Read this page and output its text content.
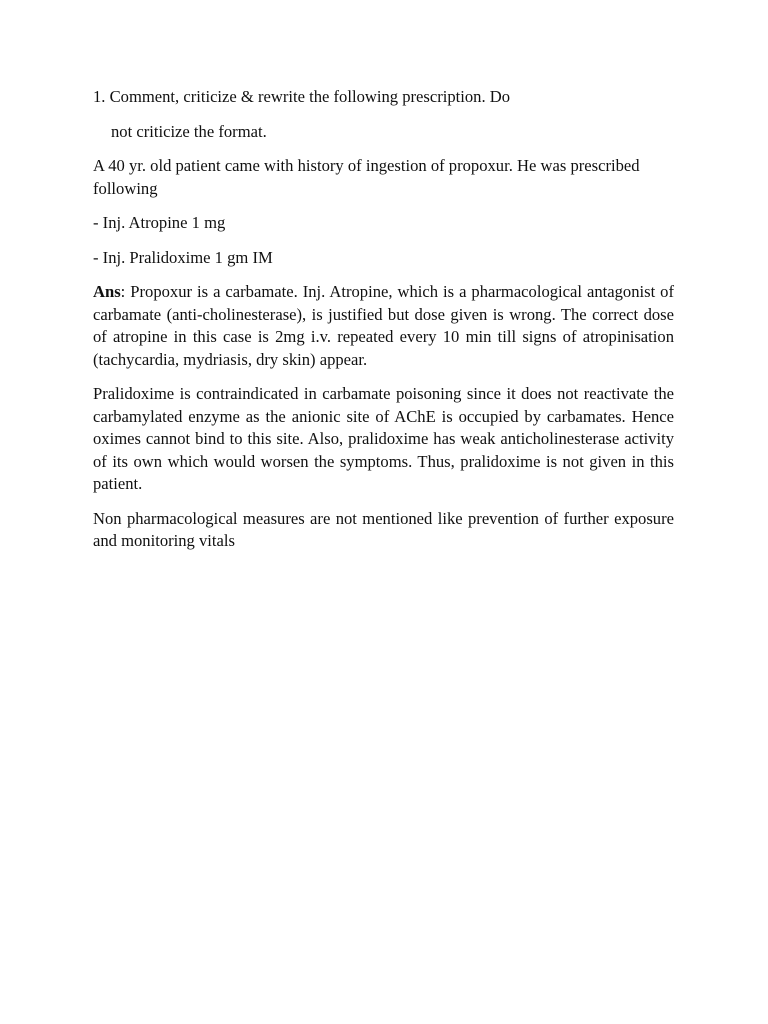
1. Comment, criticize & rewrite the following prescription. Do

not criticize the format.

A 40 yr. old patient came with history of ingestion of propoxur. He was prescribed following

- Inj. Atropine 1 mg

- Inj. Pralidoxime 1 gm IM

Ans: Propoxur is a carbamate. Inj. Atropine, which is a pharmacological antagonist of carbamate (anti-cholinesterase), is justified but dose given is wrong. The correct dose of atropine in this case is 2mg i.v. repeated every 10 min till signs of atropinisation (tachycardia, mydriasis, dry skin) appear.

Pralidoxime is contraindicated in carbamate poisoning since it does not reactivate the carbamylated enzyme as the anionic site of AChE is occupied by carbamates. Hence oximes cannot bind to this site. Also, pralidoxime has weak anticholinesterase activity of its own which would worsen the symptoms. Thus, pralidoxime is not given in this patient.

Non pharmacological measures are not mentioned like prevention of further exposure and monitoring vitals
